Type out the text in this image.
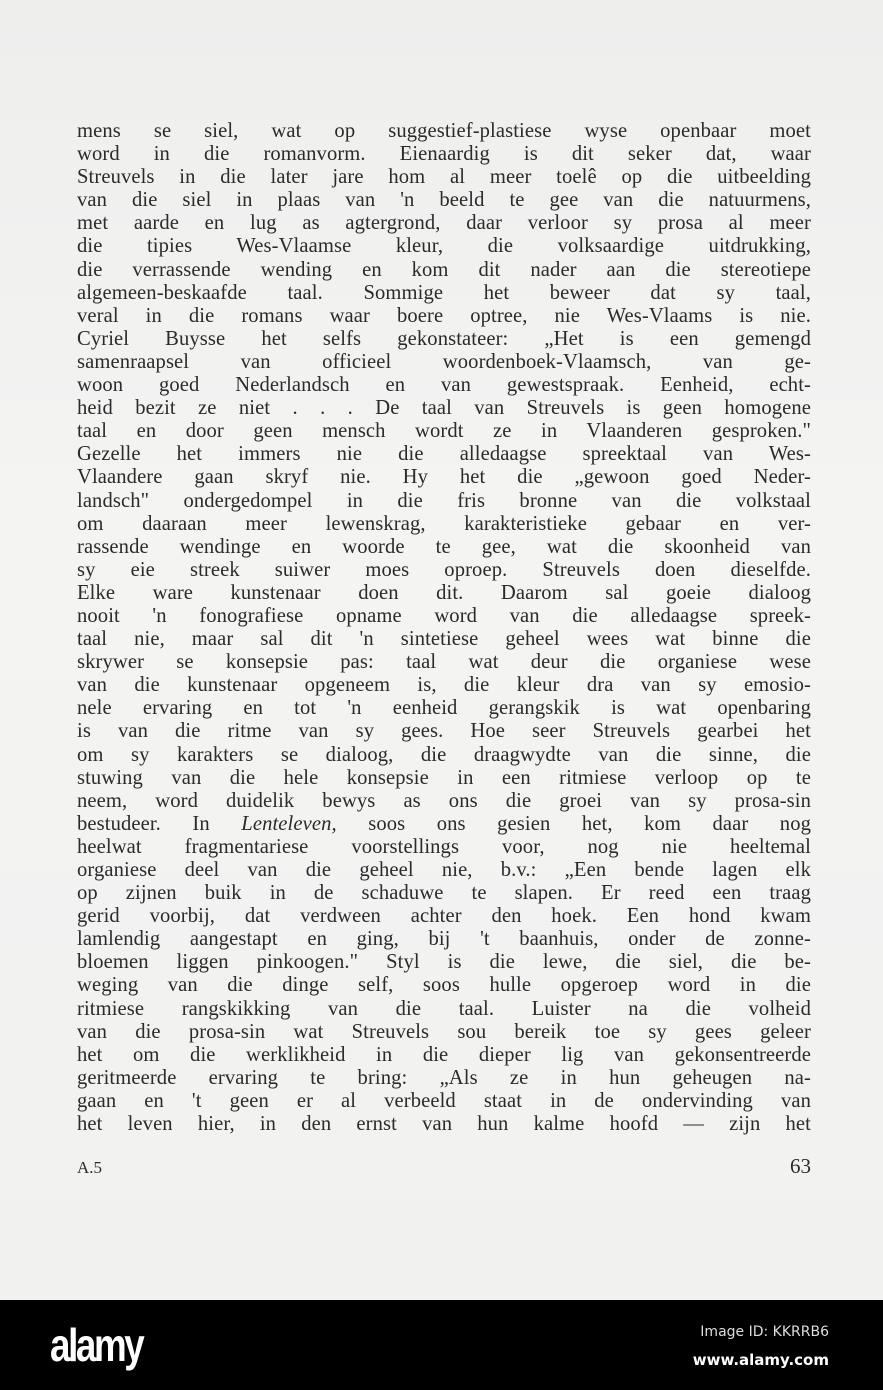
mens se siel, wat op suggestief-plastiese wyse openbaar moet
word in die romanvorm. Eienaardig is dit seker dat, waar
Streuvels in die later jare hom al meer toelê op die uitbeelding
van die siel in plaas van 'n beeld te gee van die natuurmens,
met aarde en lug as agtergrond, daar verloor sy prosa al meer
die tipies Wes-Vlaamse kleur, die volksaardige uitdrukking,
die verrassende wending en kom dit nader aan die stereotiepe
algemeen-beskaafde taal. Sommige het beweer dat sy taal,
veral in die romans waar boere optree, nie Wes-Vlaams is nie.
Cyriel Buysse het selfs gekonstateer: „Het is een gemengd
samenraapsel van officieel woordenboek-Vlaamsch, van ge-
woon goed Nederlandsch en van gewestspraak. Eenheid, echt-
heid bezit ze niet . . . De taal van Streuvels is geen homogene
taal en door geen mensch wordt ze in Vlaanderen gesproken."
Gezelle het immers nie die alledaagse spreektaal van Wes-
Vlaandere gaan skryf nie. Hy het die „gewoon goed Neder-
landsch" ondergedompel in die fris bronne van die volkstaal
om daaraan meer lewenskrag, karakteristieke gebaar en ver-
rassende wendinge en woorde te gee, wat die skoonheid van
sy eie streek suiwer moes oproep. Streuvels doen dieselfde.
Elke ware kunstenaar doen dit. Daarom sal goeie dialoog
nooit 'n fonografiese opname word van die alledaagse spreek-
taal nie, maar sal dit 'n sintetiese geheel wees wat binne die
skrywer se konsepsie pas: taal wat deur die organiese wese
van die kunstenaar opgeneem is, die kleur dra van sy emosio-
nele ervaring en tot 'n eenheid gerangskik is wat openbaring
is van die ritme van sy gees. Hoe seer Streuvels gearbei het
om sy karakters se dialoog, die draagwydte van die sinne, die
stuwing van die hele konsepsie in een ritmiese verloop op te
neem, word duidelik bewys as ons die groei van sy prosa-sin
bestudeer. In Lenteleven, soos ons gesien het, kom daar nog
heelwat fragmentariese voorstellings voor, nog nie heeltemal
organiese deel van die geheel nie, b.v.: „Een bende lagen elk
op zijnen buik in de schaduwe te slapen. Er reed een traag
gerid voorbij, dat verdween achter den hoek. Een hond kwam
lamlendig aangestapt en ging, bij 't baanhuis, onder de zonne-
bloemen liggen pinkoogen." Styl is die lewe, die siel, die be-
weging van die dinge self, soos hulle opgeroep word in die
ritmiese rangskikking van die taal. Luister na die volheid
van die prosa-sin wat Streuvels sou bereik toe sy gees geleer
het om die werklikheid in die dieper lig van gekonsentreerde
geritmeerde ervaring te bring: „Als ze in hun geheugen na-
gaan en 't geen er al verbeeld staat in de ondervinding van
het leven hier, in den ernst van hun kalme hoofd — zijn het
A.5	63
alamy	Image ID: KKRRB6
www.alamy.com
